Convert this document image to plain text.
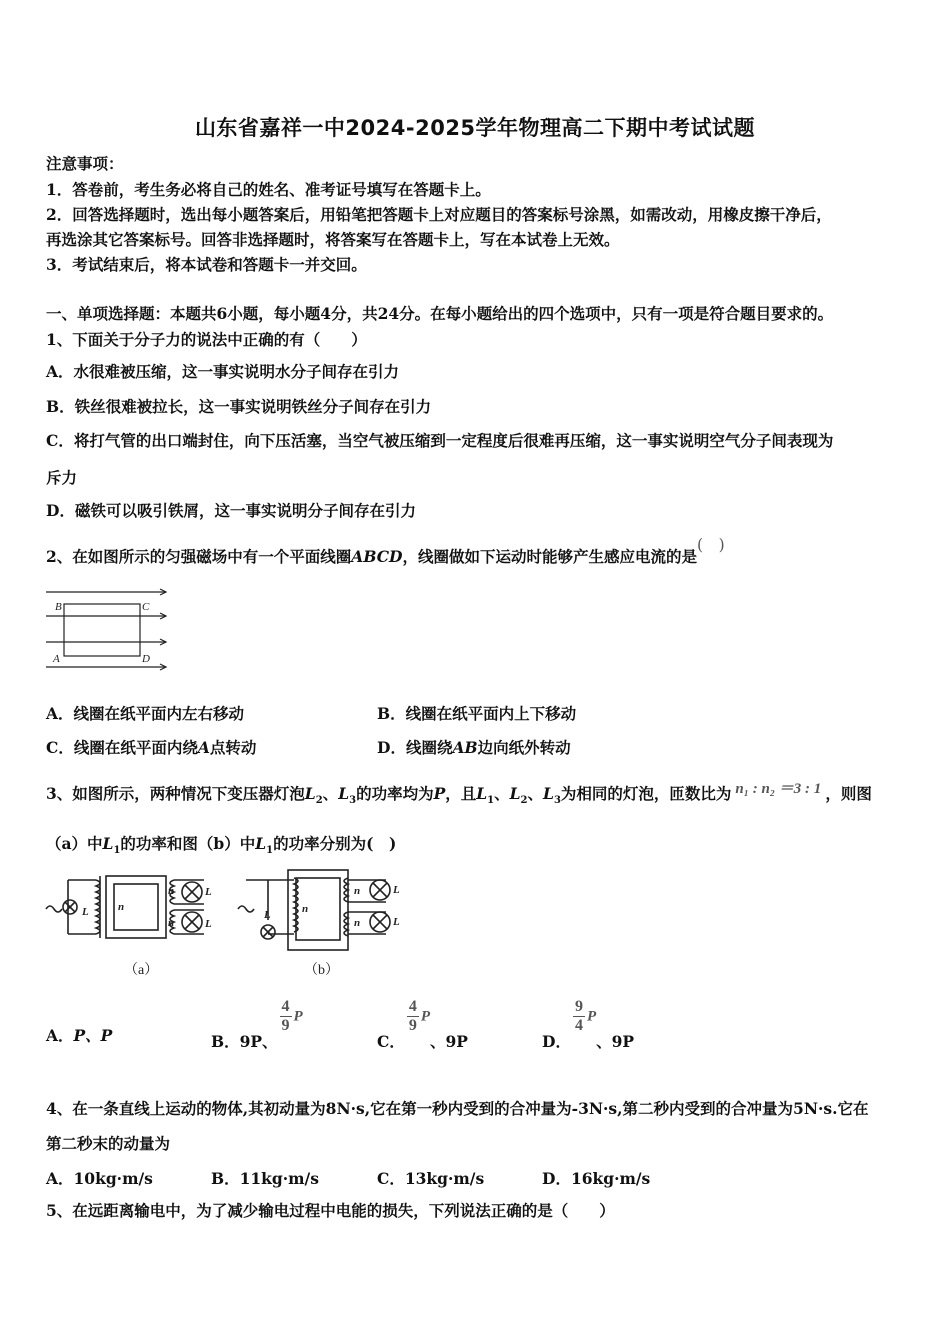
山东省嘉祥一中2024-2025学年物理高二下期中考试试题
注意事项：
1．答卷前，考生务必将自己的姓名、准考证号填写在答题卡上。
2．回答选择题时，选出每小题答案后，用铅笔把答题卡上对应题目的答案标号涂黑，如需改动，用橡皮擦干净后，
再选涂其它答案标号。回答非选择题时，将答案写在答题卡上，写在本试卷上无效。
3．考试结束后，将本试卷和答题卡一并交回。
一、单项选择题：本题共6小题，每小题4分，共24分。在每小题给出的四个选项中，只有一项是符合题目要求的。
1、下面关于分子力的说法中正确的有（　　）
A．水很难被压缩，这一事实说明水分子间存在引力
B．铁丝很难被拉长，这一事实说明铁丝分子间存在引力
C．将打气管的出口端封住，向下压活塞，当空气被压缩到一定程度后很难再压缩，这一事实说明空气分子间表现为
斥力
D．磁铁可以吸引铁屑，这一事实说明分子间存在引力
2、在如图所示的匀强磁场中有一个平面线圈ABCD，线圈做如下运动时能够产生感应电流的是(　)
B	C
A	D
A．线圈在纸平面内左右移动	B．线圈在纸平面内上下移动
C．线圈在纸平面内绕A点转动	D．线圈绕AB边向纸外转动
3、如图所示，两种情况下变压器灯泡$L_2$、$L_3$的功率均为P，且$L_1$、$L_2$、$L_3$为相同的灯泡，匝数比为 n₁ : n₂ ＝3 : 1 ，则图
（a）中$L_1$的功率和图（b）中$L_1$的功率分别为(　)
L	n
n
n
L
L
（a）
L	n
n
n
L
L
（b）
A．P、P	B．9P、
$\frac{4}{9}$ P
C．
$\frac{4}{9}$ P、9P	D．
$\frac{9}{4}$ P、9P
4、在一条直线上运动的物体,其初动量为8N·s,它在第一秒内受到的合冲量为-3N·s,第二秒内受到的合冲量为5N·s.它在
第二秒末的动量为
A．10kg·m/s	B．11kg·m/s	C．13kg·m/s	D．16kg·m/s
5、在远距离输电中，为了减少输电过程中电能的损失，下列说法正确的是（　　）
